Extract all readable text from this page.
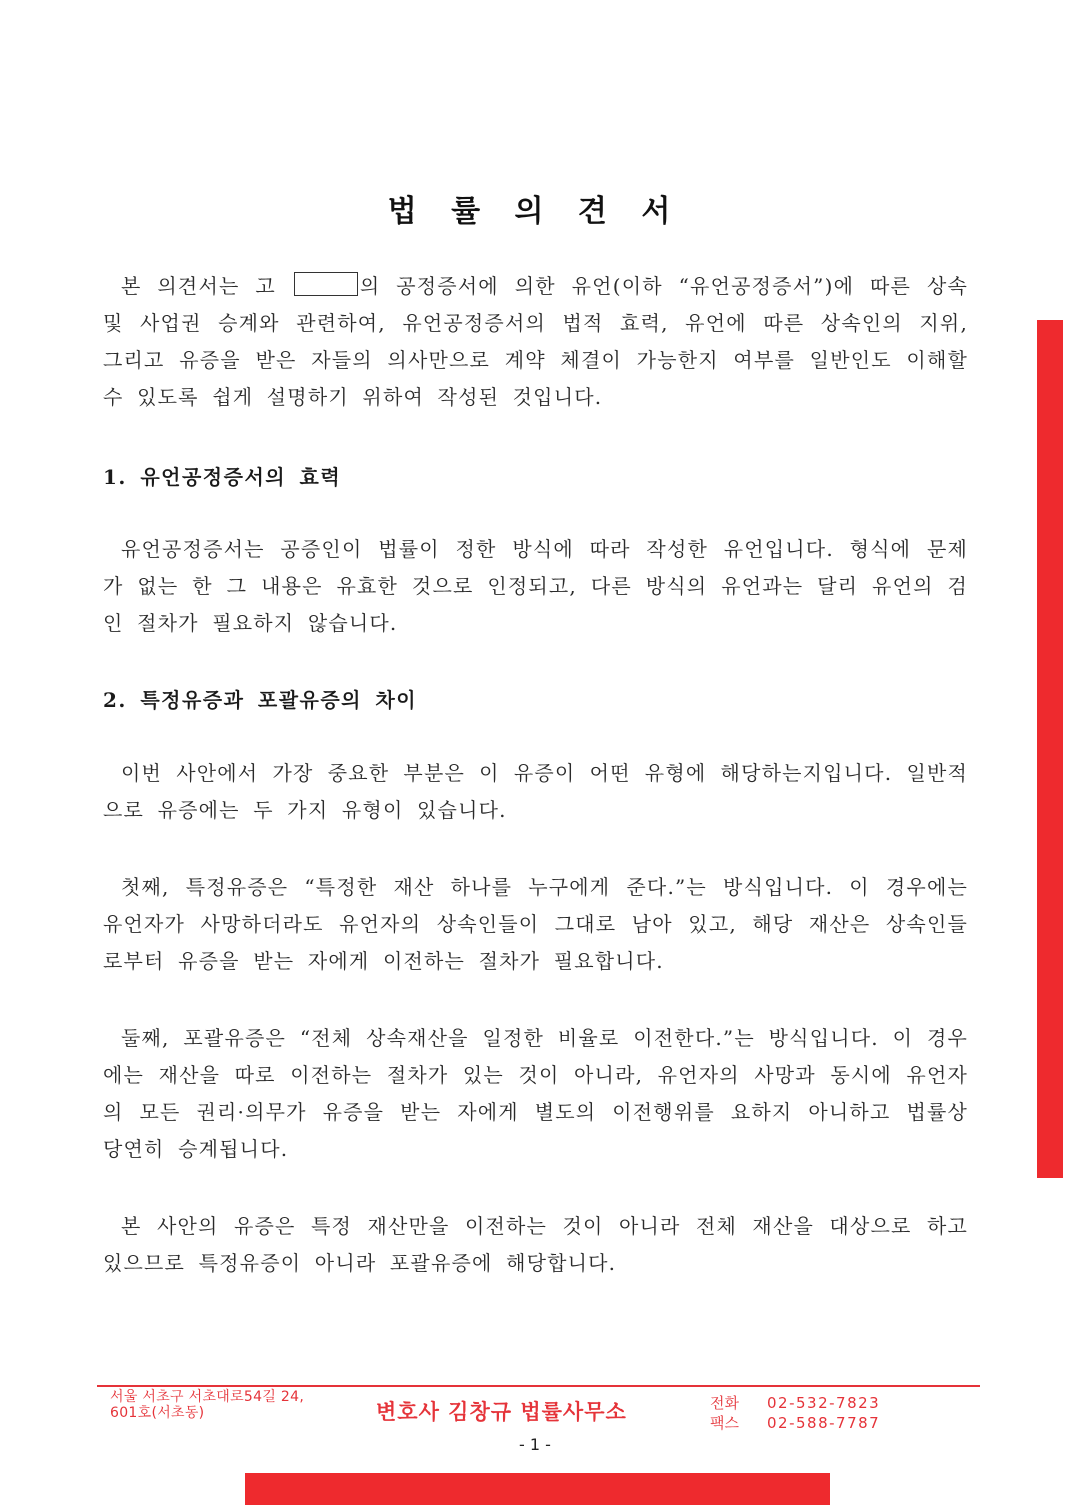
법 률 의 견 서

본 의견서는 고	의 공정증서에 의한 유언(이하 “유언공정증서”)에 따른 상속 및 사업권 승계와 관련하여, 유언공정증서의 법적 효력, 유언에 따른 상속인의 지위, 그리고 유증을 받은 자들의 의사만으로 계약 체결이 가능한지 여부를 일반인도 이해할 수 있도록 쉽게 설명하기 위하여 작성된 것입니다.

1. 유언공정증서의 효력

유언공정증서는 공증인이 법률이 정한 방식에 따라 작성한 유언입니다. 형식에 문제가 없는 한 그 내용은 유효한 것으로 인정되고, 다른 방식의 유언과는 달리 유언의 검인 절차가 필요하지 않습니다.

2. 특정유증과 포괄유증의 차이

이번 사안에서 가장 중요한 부분은 이 유증이 어떤 유형에 해당하는지입니다. 일반적으로 유증에는 두 가지 유형이 있습니다.

첫째, 특정유증은 “특정한 재산 하나를 누구에게 준다.”는 방식입니다. 이 경우에는 유언자가 사망하더라도 유언자의 상속인들이 그대로 남아 있고, 해당 재산은 상속인들로부터 유증을 받는 자에게 이전하는 절차가 필요합니다.

둘째, 포괄유증은 “전체 상속재산을 일정한 비율로 이전한다.”는 방식입니다. 이 경우에는 재산을 따로 이전하는 절차가 있는 것이 아니라, 유언자의 사망과 동시에 유언자의 모든 권리·의무가 유증을 받는 자에게 별도의 이전행위를 요하지 아니하고 법률상 당연히 승계됩니다.

본 사안의 유증은 특정 재산만을 이전하는 것이 아니라 전체 재산을 대상으로 하고 있으므로 특정유증이 아니라 포괄유증에 해당합니다.

서울 서초구 서초대로54길 24,
601호(서초동)	변호사 김창규 법률사무소	전화 02-532-7823
팩스 02-588-7787
- 1 -
